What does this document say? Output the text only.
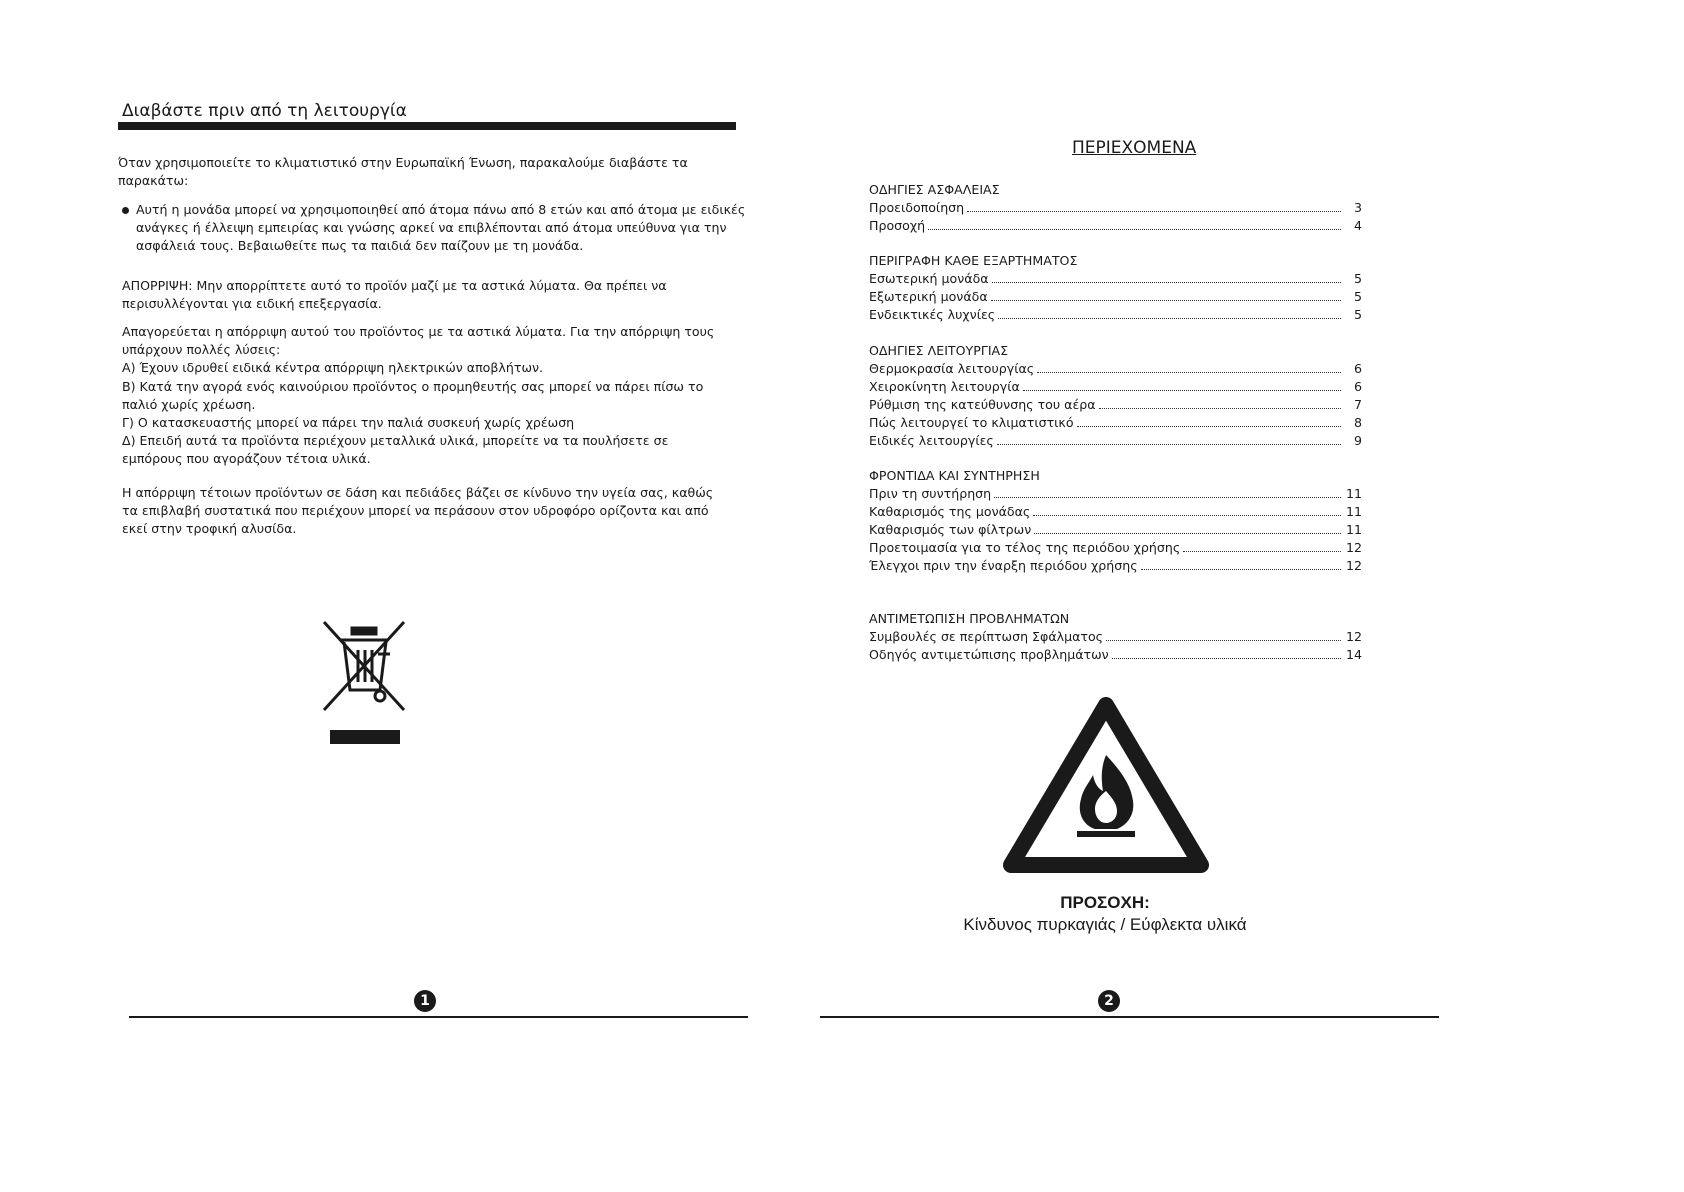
Διαβάστε πριν από τη λειτουργία
Όταν χρησιμοποιείτε το κλιματιστικό στην Ευρωπαϊκή Ένωση, παρακαλούμε διαβάστε τα παρακάτω:
Αυτή η μονάδα μπορεί να χρησιμοποιηθεί από άτομα πάνω από 8 ετών και από άτομα με ειδικές ανάγκες ή έλλειψη εμπειρίας και γνώσης αρκεί να επιβλέπονται από άτομα υπεύθυνα για την ασφάλειά τους. Βεβαιωθείτε πως τα παιδιά δεν παίζουν με τη μονάδα.
ΑΠΟΡΡΙΨΗ: Μην απορρίπτετε αυτό το προϊόν μαζί με τα αστικά λύματα. Θα πρέπει να περισυλλέγονται για ειδική επεξεργασία.
Απαγορεύεται η απόρριψη αυτού του προϊόντος με τα αστικά λύματα. Για την απόρριψη τους υπάρχουν πολλές λύσεις:
Α) Έχουν ιδρυθεί ειδικά κέντρα απόρριψη ηλεκτρικών αποβλήτων.
Β) Κατά την αγορά ενός καινούριου προϊόντος ο προμηθευτής σας μπορεί να πάρει πίσω το παλιό χωρίς χρέωση.
Γ) Ο κατασκευαστής μπορεί να πάρει την παλιά συσκευή χωρίς χρέωση
Δ) Επειδή αυτά τα προϊόντα περιέχουν μεταλλικά υλικά, μπορείτε να τα πουλήσετε σε εμπόρους που αγοράζουν τέτοια υλικά.
Η απόρριψη τέτοιων προϊόντων σε δάση και πεδιάδες βάζει σε κίνδυνο την υγεία σας, καθώς τα επιβλαβή συστατικά που περιέχουν μπορεί να περάσουν στον υδροφόρο ορίζοντα και από εκεί στην τροφική αλυσίδα.
1
ΠΕΡΙΕΧΟΜΕΝΑ
ΟΔΗΓΙΕΣ ΑΣΦΑΛΕΙΑΣ
Προειδοποίηση	3
Προσοχή	4
ΠΕΡΙΓΡΑΦΗ ΚΑΘΕ ΕΞΑΡΤΗΜΑΤΟΣ
Εσωτερική μονάδα	5
Εξωτερική μονάδα	5
Ενδεικτικές λυχνίες	5
ΟΔΗΓΙΕΣ ΛΕΙΤΟΥΡΓΙΑΣ
Θερμοκρασία λειτουργίας	6
Χειροκίνητη λειτουργία	6
Ρύθμιση της κατεύθυνσης του αέρα	7
Πώς λειτουργεί το κλιματιστικό	8
Ειδικές λειτουργίες	9
ΦΡΟΝΤΙΔΑ ΚΑΙ ΣΥΝΤΗΡΗΣΗ
Πριν τη συντήρηση	11
Καθαρισμός της μονάδας	11
Καθαρισμός των φίλτρων	11
Προετοιμασία για το τέλος της περιόδου χρήσης	12
Έλεγχοι πριν την έναρξη περιόδου χρήσης	12
ΑΝΤΙΜΕΤΩΠΙΣΗ ΠΡΟΒΛΗΜΑΤΩΝ
Συμβουλές σε περίπτωση Σφάλματος	12
Οδηγός αντιμετώπισης προβλημάτων	14
ΠΡΟΣΟΧΗ:
Κίνδυνος πυρκαγιάς / Εύφλεκτα υλικά
2
